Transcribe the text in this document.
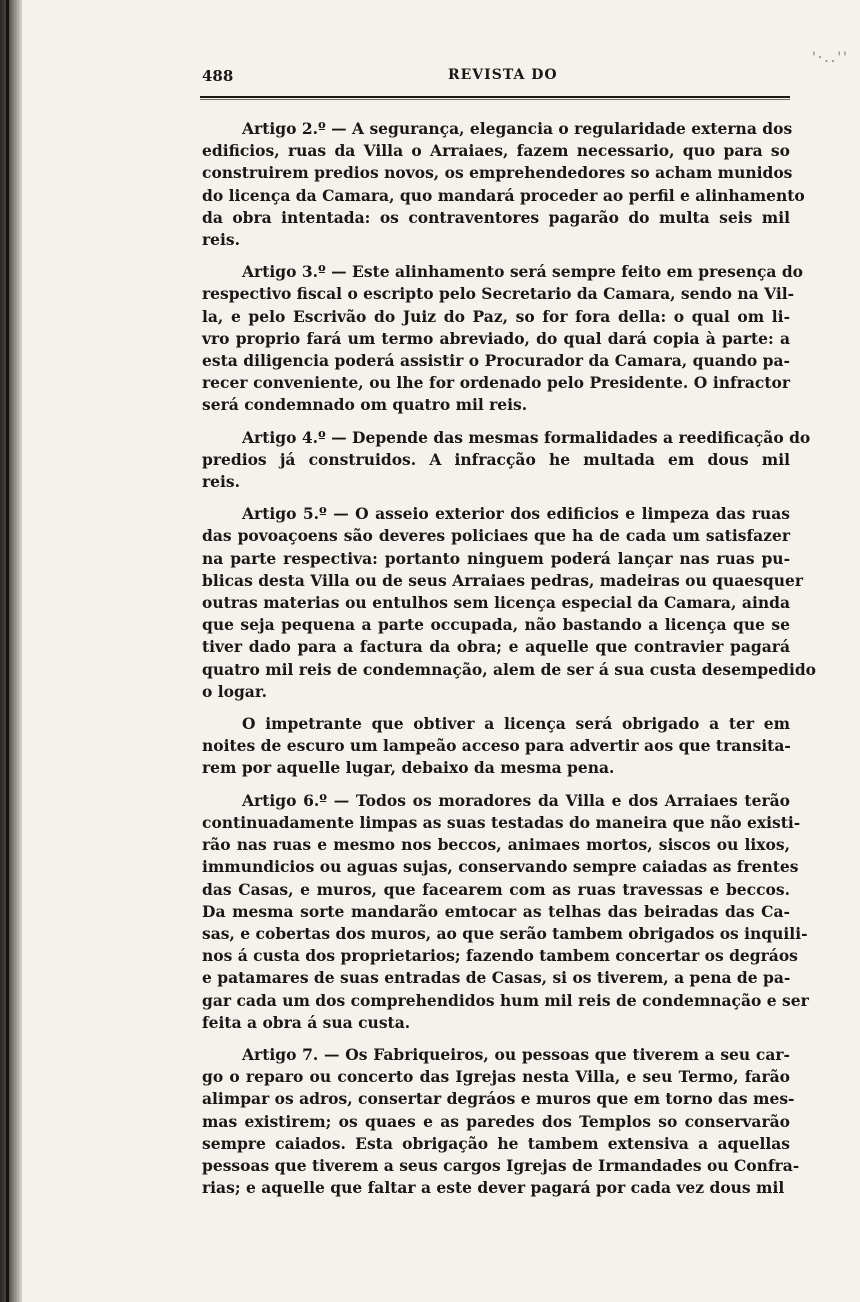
'·..''
488	REVISTA DO
Artigo 2.º — A segurança, elegancia o regularidade externa dos
edificios, ruas da Villa o Arraiaes, fazem necessario, quo para so
construirem predios novos, os emprehendedores so acham munidos
do licença da Camara, quo mandará proceder ao perfil e alinhamento
da obra intentada: os contraventores pagarão do multa seis mil
reis.
Artigo 3.º — Este alinhamento será sempre feito em presença do
respectivo fiscal o escripto pelo Secretario da Camara, sendo na Vil-
la, e pelo Escrivão do Juiz do Paz, so for fora della: o qual om li-
vro proprio fará um termo abreviado, do qual dará copia à parte: a
esta diligencia poderá assistir o Procurador da Camara, quando pa-
recer conveniente, ou lhe for ordenado pelo Presidente. O infractor
será condemnado om quatro mil reis.
Artigo 4.º — Depende das mesmas formalidades a reedificação do
predios já construidos. A infracção he multada em dous mil
reis.
Artigo 5.º — O asseio exterior dos edificios e limpeza das ruas
das povoaçoens são deveres policiaes que ha de cada um satisfazer
na parte respectiva: portanto ninguem poderá lançar nas ruas pu-
blicas desta Villa ou de seus Arraiaes pedras, madeiras ou quaesquer
outras materias ou entulhos sem licença especial da Camara, ainda
que seja pequena a parte occupada, não bastando a licença que se
tiver dado para a factura da obra; e aquelle que contravier pagará
quatro mil reis de condemnação, alem de ser á sua custa desempedido
o logar.
O impetrante que obtiver a licença será obrigado a ter em
noites de escuro um lampeão acceso para advertir aos que transita-
rem por aquelle lugar, debaixo da mesma pena.
Artigo 6.º — Todos os moradores da Villa e dos Arraiaes terão
continuadamente limpas as suas testadas do maneira que não existi-
rão nas ruas e mesmo nos beccos, animaes mortos, siscos ou lixos,
immundicios ou aguas sujas, conservando sempre caiadas as frentes
das Casas, e muros, que facearem com as ruas travessas e beccos.
Da mesma sorte mandarão emtocar as telhas das beiradas das Ca-
sas, e cobertas dos muros, ao que serão tambem obrigados os inquili-
nos á custa dos proprietarios; fazendo tambem concertar os degráos
e patamares de suas entradas de Casas, si os tiverem, a pena de pa-
gar cada um dos comprehendidos hum mil reis de condemnação e ser
feita a obra á sua custa.
Artigo 7. — Os Fabriqueiros, ou pessoas que tiverem a seu car-
go o reparo ou concerto das Igrejas nesta Villa, e seu Termo, farão
alimpar os adros, consertar degráos e muros que em torno das mes-
mas existirem; os quaes e as paredes dos Templos so conservarão
sempre caiados. Esta obrigação he tambem extensiva a aquellas
pessoas que tiverem a seus cargos Igrejas de Irmandades ou Confra-
rias; e aquelle que faltar a este dever pagará por cada vez dous mil
